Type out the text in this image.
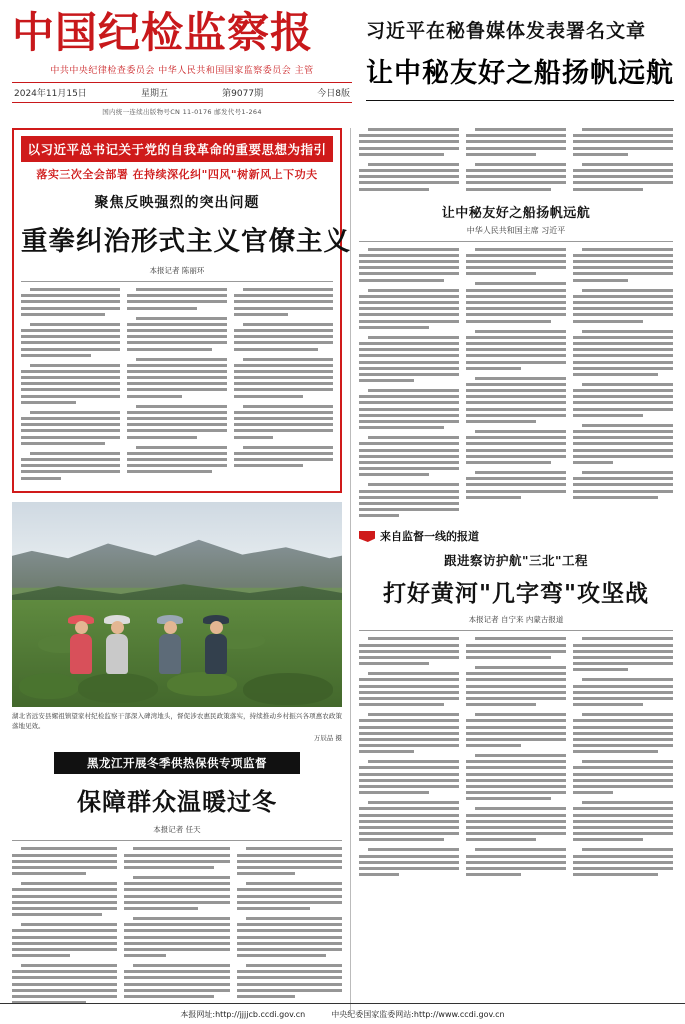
中国纪检监察报
中共中央纪律检查委员会 中华人民共和国国家监察委员会 主管
2024年11月15日	星期五	第9077期	今日8版
国内统一连续出版物号CN 11-0176 邮发代号1-264
习近平在秘鲁媒体发表署名文章
让中秘友好之船扬帆远航
以习近平总书记关于党的自我革命的重要思想为指引
落实三次全会部署 在持续深化纠"四风"树新风上下功夫
聚焦反映强烈的突出问题
重拳纠治形式主义官僚主义
本报记者 陈丽环
湖北省远安县嫘祖镇望家村纪检监察干部深入碑湾地头，督促涉农惠民政策落实，持续推动乡村振兴各项惠农政策落地见效。
万辰品 摄
黑龙江开展冬季供热保供专项监督
保障群众温暖过冬
本报记者 任天
让中秘友好之船扬帆远航
中华人民共和国主席 习近平
来自监督一线的报道
跟进察访护航"三北"工程
打好黄河"几字弯"攻坚战
本报记者 自宁来 内蒙古报道
本报网址:http://jjjjcb.ccdi.gov.cn	中央纪委国家监委网站:http://www.ccdi.gov.cn
